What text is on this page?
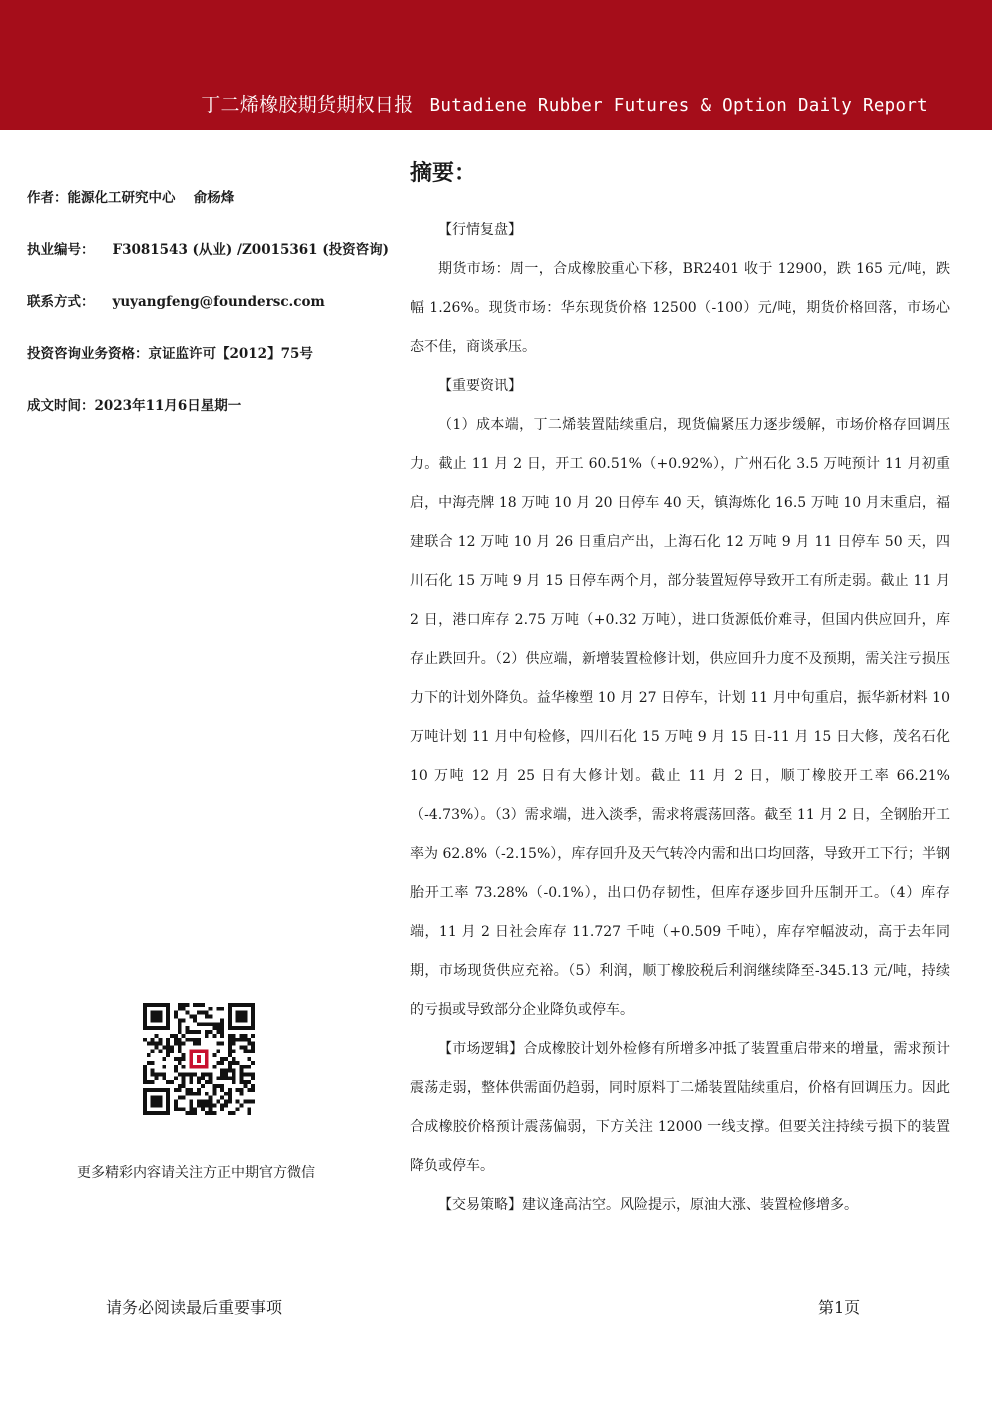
丁二烯橡胶期货期权日报 Butadiene Rubber Futures & Option Daily Report
作者：能源化工研究中心　 俞杨烽
执业编号： F3081543 (从业) /Z0015361 (投资咨询)
联系方式： yuyangfeng@foundersc.com
投资咨询业务资格：京证监许可【2012】75号
成文时间：2023年11月6日星期一
更多精彩内容请关注方正中期官方微信
摘要：

【行情复盘】

期货市场：周一，合成橡胶重心下移，BR2401 收于 12900，跌 165 元/吨，跌幅 1.26%。现货市场：华东现货价格 12500（-100）元/吨，期货价格回落，市场心态不佳，商谈承压。

【重要资讯】

（1）成本端，丁二烯装置陆续重启，现货偏紧压力逐步缓解，市场价格存回调压力。截止 11 月 2 日，开工 60.51%（+0.92%），广州石化 3.5 万吨预计 11 月初重启，中海壳牌 18 万吨 10 月 20 日停车 40 天，镇海炼化 16.5 万吨 10 月末重启，福建联合 12 万吨 10 月 26 日重启产出，上海石化 12 万吨 9 月 11 日停车 50 天，四川石化 15 万吨 9 月 15 日停车两个月，部分装置短停导致开工有所走弱。截止 11 月 2 日，港口库存 2.75 万吨（+0.32 万吨），进口货源低价难寻，但国内供应回升，库存止跌回升。（2）供应端，新增装置检修计划，供应回升力度不及预期，需关注亏损压力下的计划外降负。益华橡塑 10 月 27 日停车，计划 11 月中旬重启，振华新材料 10 万吨计划 11 月中旬检修，四川石化 15 万吨 9 月 15 日-11 月 15 日大修，茂名石化 10 万吨 12 月 25 日有大修计划。截止 11 月 2 日，顺丁橡胶开工率 66.21%（-4.73%）。（3）需求端，进入淡季，需求将震荡回落。截至 11 月 2 日，全钢胎开工率为 62.8%（-2.15%），库存回升及天气转冷内需和出口均回落，导致开工下行；半钢胎开工率 73.28%（-0.1%），出口仍存韧性，但库存逐步回升压制开工。（4）库存端，11 月 2 日社会库存 11.727 千吨（+0.509 千吨），库存窄幅波动，高于去年同期，市场现货供应充裕。（5）利润，顺丁橡胶税后利润继续降至-345.13 元/吨，持续的亏损或导致部分企业降负或停车。

【市场逻辑】合成橡胶计划外检修有所增多冲抵了装置重启带来的增量，需求预计震荡走弱，整体供需面仍趋弱，同时原料丁二烯装置陆续重启，价格有回调压力。因此合成橡胶价格预计震荡偏弱，下方关注 12000 一线支撑。但要关注持续亏损下的装置降负或停车。

【交易策略】建议逢高沽空。风险提示，原油大涨、装置检修增多。

请务必阅读最后重要事项	第1页
